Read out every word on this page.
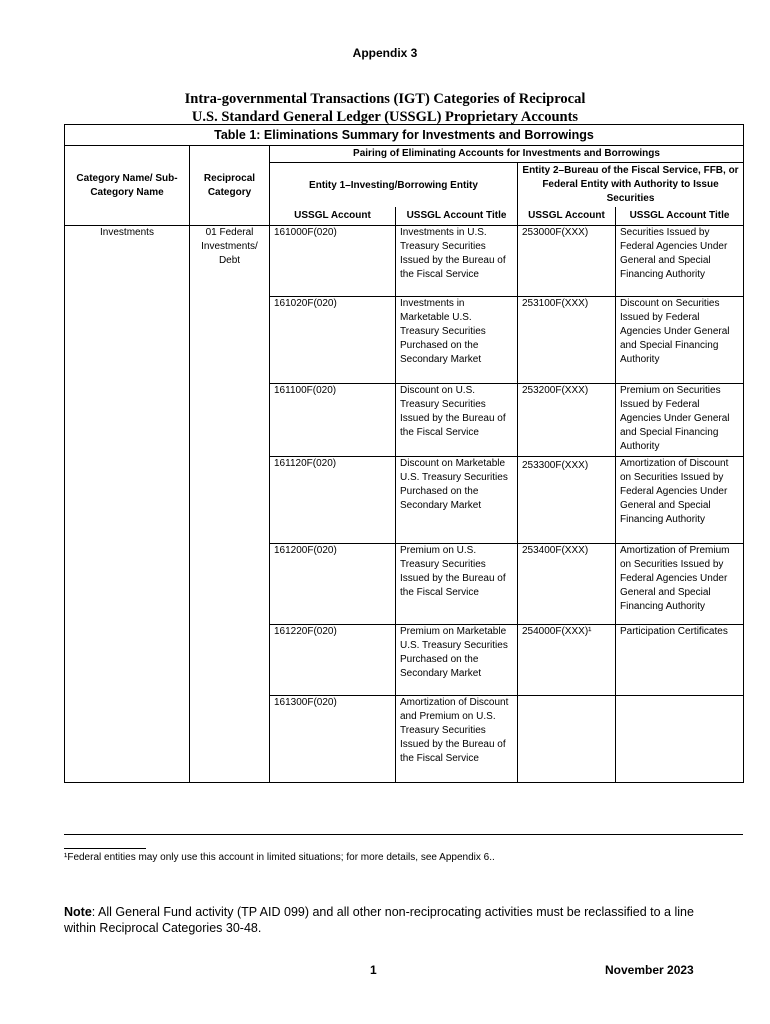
Appendix 3
Intra-governmental Transactions (IGT) Categories of Reciprocal
U.S. Standard General Ledger (USSGL) Proprietary Accounts
Table 1: Eliminations Summary for Investments and Borrowings					

Category Name/ Sub-Category Name	Reciprocal Category	Pairing of Eliminating Accounts for Investments and Borrowings			
		Entity 1–Investing/Borrowing Entity		Entity 2–Bureau of the Fiscal Service, FFB, or Federal Entity with Authority to Issue Securities	
		USSGL Account	USSGL Account Title	USSGL Account	USSGL Account Title

Investments	01 Federal Investments/ Debt	161000F(020)	Investments in U.S. Treasury Securities Issued by the Bureau of the Fiscal Service	253000F(XXX)	Securities Issued by Federal Agencies Under General and Special Financing Authority

		161020F(020)	Investments in Marketable U.S. Treasury Securities Purchased on the Secondary Market	253100F(XXX)	Discount on Securities Issued by Federal Agencies Under General and Special Financing Authority

		161100F(020)	Discount on U.S. Treasury Securities Issued by the Bureau of the Fiscal Service	253200F(XXX)	Premium on Securities Issued by Federal Agencies Under General and Special Financing Authority

		161120F(020)	Discount on Marketable U.S. Treasury Securities Purchased on the Secondary Market	253300F(XXX)	Amortization of Discount on Securities Issued by Federal Agencies Under General and Special Financing Authority

		161200F(020)	Premium on U.S. Treasury Securities Issued by the Bureau of the Fiscal Service	253400F(XXX)	Amortization of Premium on Securities Issued by Federal Agencies Under General and Special Financing Authority

		161220F(020)	Premium on Marketable U.S. Treasury Securities Purchased on the Secondary Market	254000F(XXX)¹	Participation Certificates

		161300F(020)	Amortization of Discount and Premium on U.S. Treasury Securities Issued by the Bureau of the Fiscal Service		

¹Federal entities may only use this account in limited situations; for more details, see Appendix 6..
Note: All General Fund activity (TP AID 099) and all other non-reciprocating activities must be reclassified to a line within Reciprocal Categories 30-48.
1	November 2023
